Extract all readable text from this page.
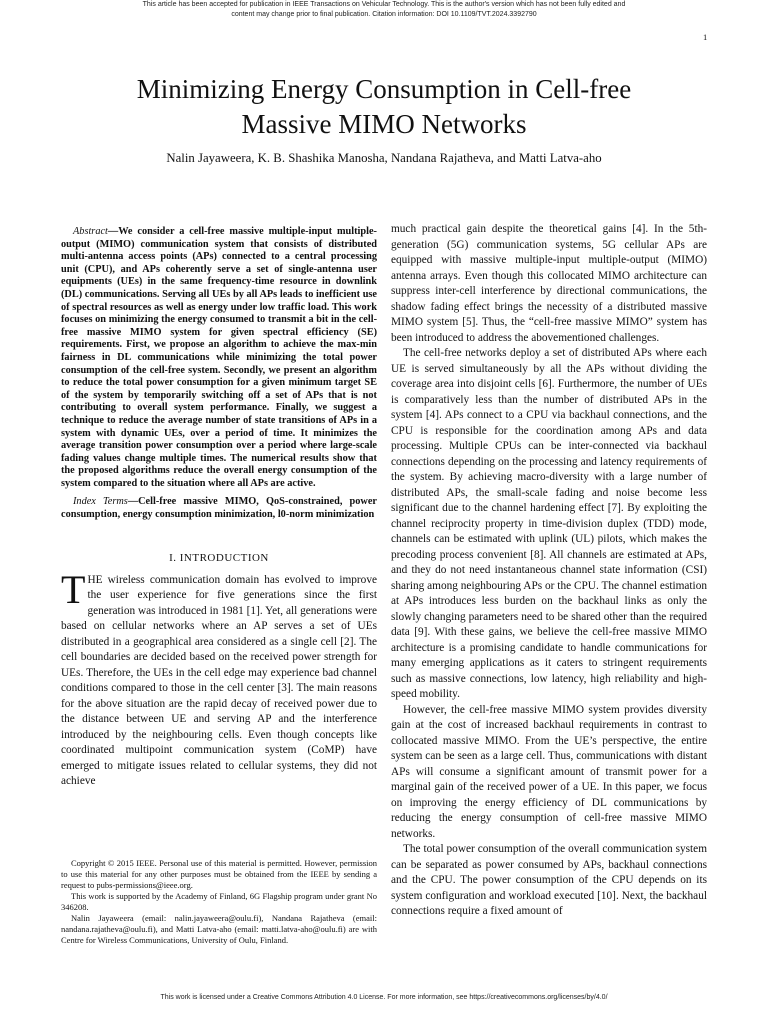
This article has been accepted for publication in IEEE Transactions on Vehicular Technology. This is the author's version which has not been fully edited and
content may change prior to final publication. Citation information: DOI 10.1109/TVT.2024.3392790
1
Minimizing Energy Consumption in Cell-free
Massive MIMO Networks
Nalin Jayaweera, K. B. Shashika Manosha, Nandana Rajatheva, and Matti Latva-aho

Abstract—We consider a cell-free massive multiple-input multiple-output (MIMO) communication system that consists of distributed multi-antenna access points (APs) connected to a central processing unit (CPU), and APs coherently serve a set of single-antenna user equipments (UEs) in the same frequency-time resource in downlink (DL) communications. Serving all UEs by all APs leads to inefficient use of spectral resources as well as energy under low traffic load. This work focuses on minimizing the energy consumed to transmit a bit in the cell-free massive MIMO system for given spectral efficiency (SE) requirements. First, we propose an algorithm to achieve the max-min fairness in DL communications while minimizing the total power consumption of the cell-free system. Secondly, we present an algorithm to reduce the total power consumption for a given minimum target SE of the system by temporarily switching off a set of APs that is not contributing to overall system performance. Finally, we suggest a technique to reduce the average number of state transitions of APs in a system with dynamic UEs, over a period of time. It minimizes the average transition power consumption over a period where large-scale fading values change multiple times. The numerical results show that the proposed algorithms reduce the overall energy consumption of the system compared to the situation where all APs are active.

Index Terms—Cell-free massive MIMO, QoS-constrained, power consumption, energy consumption minimization, l0-norm minimization

I. INTRODUCTION

THE wireless communication domain has evolved to improve the user experience for five generations since the first generation was introduced in 1981 [1]. Yet, all generations were based on cellular networks where an AP serves a set of UEs distributed in a geographical area considered as a single cell [2]. The cell boundaries are decided based on the received power strength for UEs. Therefore, the UEs in the cell edge may experience bad channel conditions compared to those in the cell center [3]. The main reasons for the above situation are the rapid decay of received power due to the distance between UE and serving AP and the interference introduced by the neighbouring cells. Even though concepts like coordinated multipoint communication system (CoMP) have emerged to mitigate issues related to cellular systems, they did not achieve

Copyright © 2015 IEEE. Personal use of this material is permitted. However, permission to use this material for any other purposes must be obtained from the IEEE by sending a request to pubs-permissions@ieee.org.

This work is supported by the Academy of Finland, 6G Flagship program under grant No 346208.

Nalin Jayaweera (email: nalin.jayaweera@oulu.fi), Nandana Rajatheva (email: nandana.rajatheva@oulu.fi), and Matti Latva-aho (email: matti.latva-aho@oulu.fi) are with Centre for Wireless Communications, University of Oulu, Finland.

much practical gain despite the theoretical gains [4]. In the 5th-generation (5G) communication systems, 5G cellular APs are equipped with massive multiple-input multiple-output (MIMO) antenna arrays. Even though this collocated MIMO architecture can suppress inter-cell interference by directional communications, the shadow fading effect brings the necessity of a distributed massive MIMO system [5]. Thus, the “cell-free massive MIMO” system has been introduced to address the abovementioned challenges.

The cell-free networks deploy a set of distributed APs where each UE is served simultaneously by all the APs without dividing the coverage area into disjoint cells [6]. Furthermore, the number of UEs is comparatively less than the number of distributed APs in the system [4]. APs connect to a CPU via backhaul connections, and the CPU is responsible for the coordination among APs and data processing. Multiple CPUs can be inter-connected via backhaul connections depending on the processing and latency requirements of the system. By achieving macro-diversity with a large number of distributed APs, the small-scale fading and noise become less significant due to the channel hardening effect [7]. By exploiting the channel reciprocity property in time-division duplex (TDD) mode, channels can be estimated with uplink (UL) pilots, which makes the precoding process convenient [8]. All channels are estimated at APs, and they do not need instantaneous channel state information (CSI) sharing among neighbouring APs or the CPU. The channel estimation at APs introduces less burden on the backhaul links as only the slowly changing parameters need to be shared other than the required data [9]. With these gains, we believe the cell-free massive MIMO architecture is a promising candidate to handle communications for many emerging applications as it caters to stringent requirements such as massive connections, low latency, high reliability and high-speed mobility.

However, the cell-free massive MIMO system provides diversity gain at the cost of increased backhaul requirements in contrast to collocated massive MIMO. From the UE’s perspective, the entire system can be seen as a large cell. Thus, communications with distant APs will consume a significant amount of transmit power for a marginal gain of the received power of a UE. In this paper, we focus on improving the energy efficiency of DL communications by reducing the energy consumption of cell-free massive MIMO networks.

The total power consumption of the overall communication system can be separated as power consumed by APs, backhaul connections and the CPU. The power consumption of the CPU depends on its system configuration and workload executed [10]. Next, the backhaul connections require a fixed amount of

This work is licensed under a Creative Commons Attribution 4.0 License. For more information, see https://creativecommons.org/licenses/by/4.0/
